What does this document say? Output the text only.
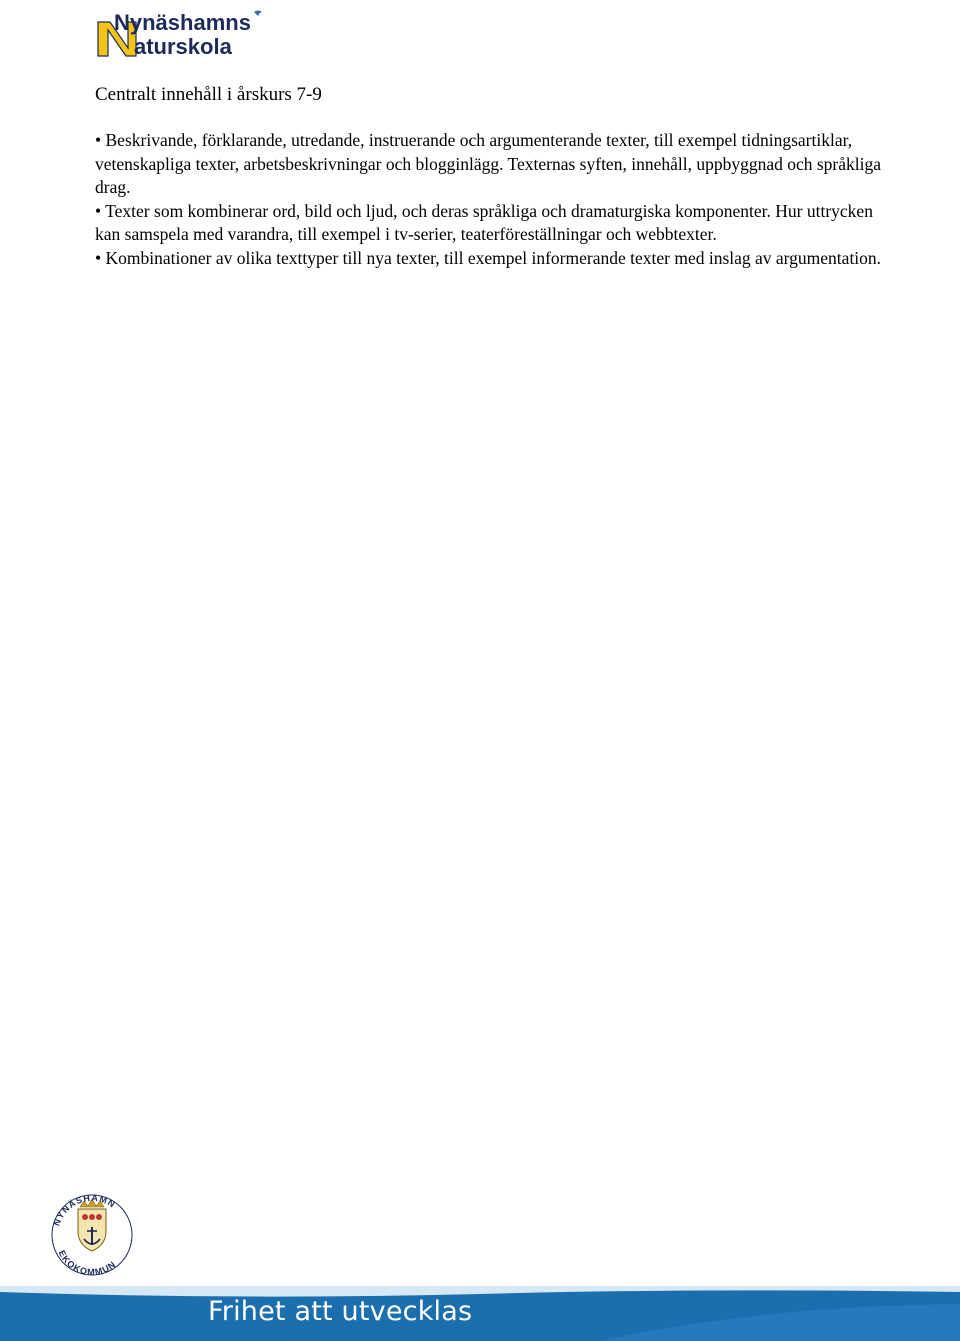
Nynäshamns
aturskola
Centralt innehåll i årskurs 7-9

• Beskrivande, förklarande, utredande, instruerande och argumenterande texter, till exempel tidningsartiklar, vetenskapliga texter, arbetsbeskrivningar och blogginlägg. Texternas syften, innehåll, uppbyggnad och språkliga drag.

• Texter som kombinerar ord, bild och ljud, och deras språkliga och dramaturgiska komponenter. Hur uttrycken kan samspela med varandra, till exempel i tv-serier, teaterföreställningar och webbtexter.

• Kombinationer av olika texttyper till nya texter, till exempel informerande texter med inslag av argumentation.

NYNÄSHAMN
EKOKOMMUN
Frihet att utvecklas
